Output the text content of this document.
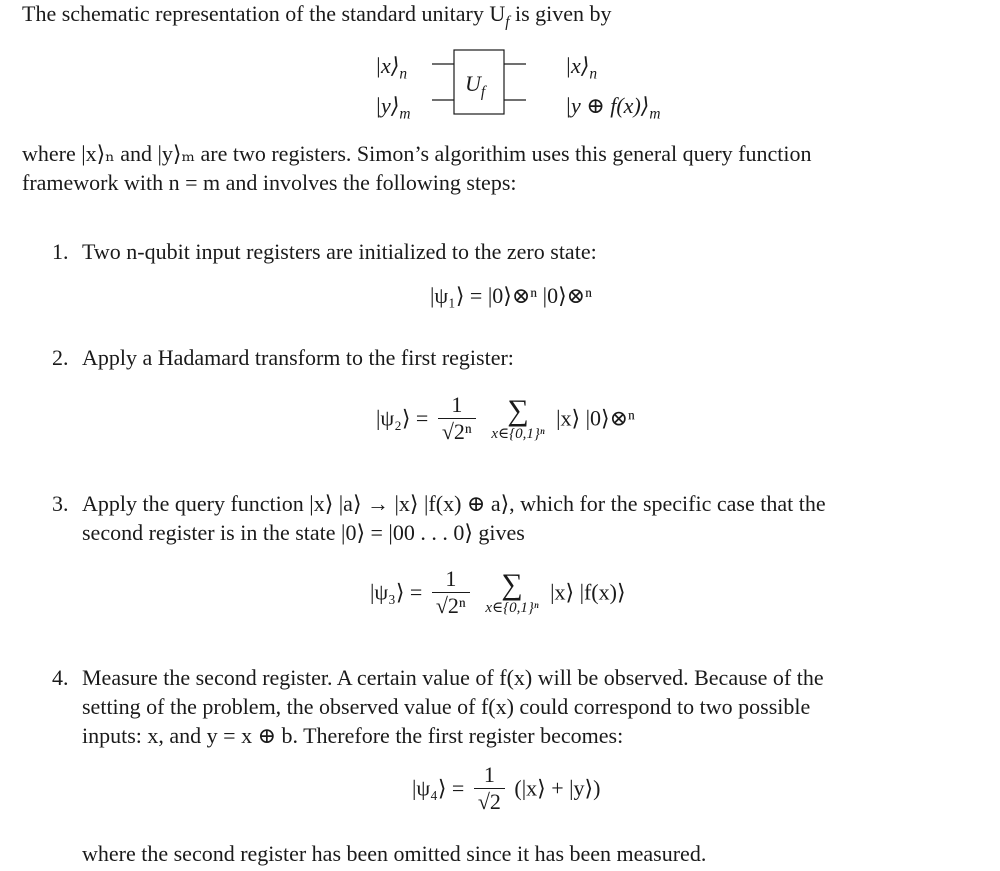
The schematic representation of the standard unitary $U_f$ is given by
$|x⟩_n$
$|y⟩_m$
$U_f$
$|x⟩_n$
|y ⊕ $f(x)⟩_m$
where |x⟩ₙ and |y⟩ₘ are two registers. Simon’s algorithim uses this general query function
framework with n = m and involves the following steps:
1. Two n-qubit input registers are initialized to the zero state:
|ψ₁⟩ = |0⟩⊗ⁿ |0⟩⊗ⁿ
2. Apply a Hadamard transform to the first register:
|ψ₂⟩ = $\frac{1}{\text{√2ⁿ}}$
	∑
x∈{0,1}ⁿ
|x⟩ |0⟩⊗ⁿ
3. Apply the query function |x⟩ |a⟩ → |x⟩ |f(x) ⊕ a⟩, which for the specific case that the
second register is in the state |0⟩ = |00 . . . 0⟩ gives
|ψ₃⟩ = $\frac{1}{\text{√2ⁿ}}$
	∑
x∈{0,1}ⁿ
|x⟩ |f(x)⟩
4. Measure the second register. A certain value of f(x) will be observed. Because of the
setting of the problem, the observed value of f(x) could correspond to two possible
inputs: x, and y = x ⊕ b. Therefore the first register becomes:
|ψ₄⟩ = $\frac{1}{√2}$ (|x⟩ + |y⟩)
where the second register has been omitted since it has been measured.
